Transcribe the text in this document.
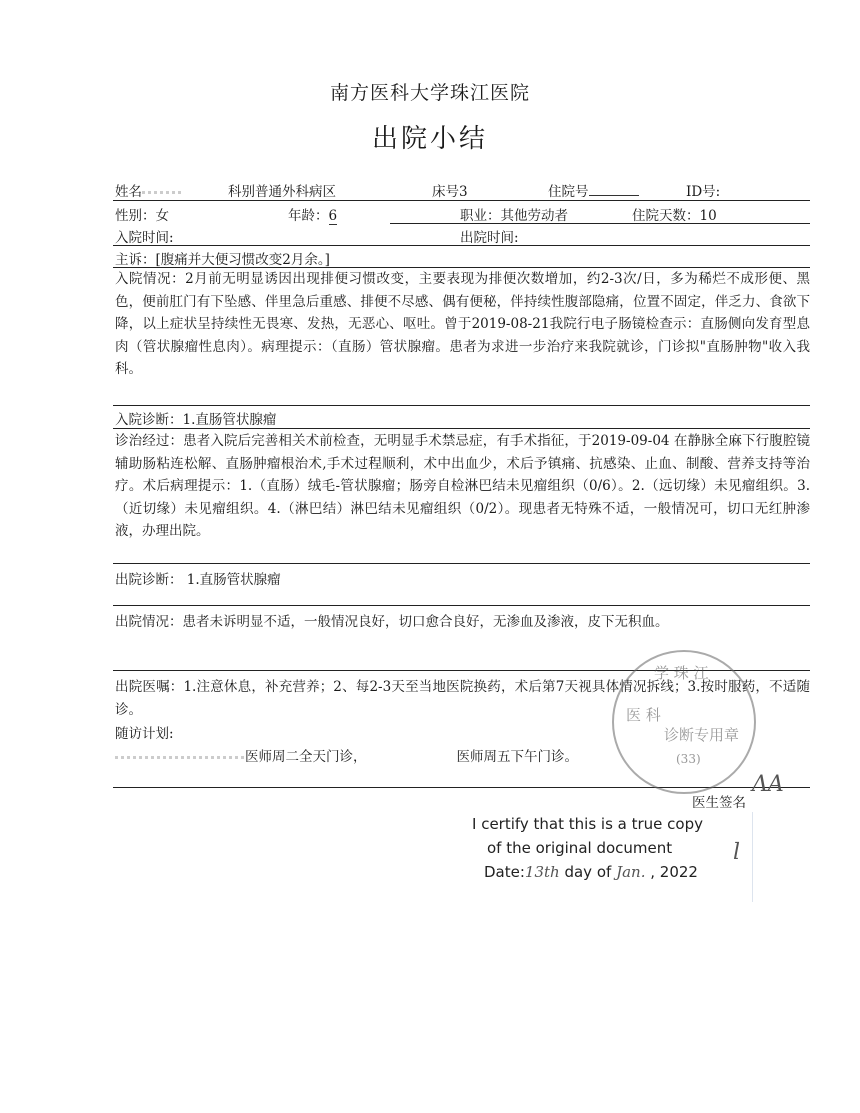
南方医科大学珠江医院
出院小结
姓名	科别普通外科病区	床号3	住院号	ID号:
性别：女	年龄：6	职业：其他劳动者	住院天数：10
入院时间:	出院时间:
主诉：[腹痛并大便习惯改变2月余。]
入院情况：2月前无明显诱因出现排便习惯改变，主要表现为排便次数增加，约2-3次/日，多为稀烂不成形便、黑色，便前肛门有下坠感、伴里急后重感、排便不尽感、偶有便秘，伴持续性腹部隐痛，位置不固定，伴乏力、食欲下降，以上症状呈持续性无畏寒、发热，无恶心、呕吐。曾于2019-08-21我院行电子肠镜检查示：直肠侧向发育型息肉（管状腺瘤性息肉）。病理提示：（直肠）管状腺瘤。患者为求进一步治疗来我院就诊，门诊拟"直肠肿物"收入我科。
入院诊断：1.直肠管状腺瘤
诊治经过：患者入院后完善相关术前检查，无明显手术禁忌症，有手术指征，于2019-09-04 在静脉全麻下行腹腔镜辅助肠粘连松解、直肠肿瘤根治术,手术过程顺利，术中出血少，术后予镇痛、抗感染、止血、制酸、营养支持等治疗。术后病理提示：1.（直肠）绒毛-管状腺瘤；肠旁自检淋巴结未见瘤组织（0/6）。2.（远切缘）未见瘤组织。3.（近切缘）未见瘤组织。4.（淋巴结）淋巴结未见瘤组织（0/2）。现患者无特殊不适，一般情况可，切口无红肿渗液，办理出院。
出院诊断： 1.直肠管状腺瘤
出院情况：患者未诉明显不适，一般情况良好，切口愈合良好，无渗血及渗液，皮下无积血。
出院医嘱：1.注意休息，补充营养；2、每2-3天至当地医院换药，术后第7天视具体情况拆线；3.按时服药，不适随诊。
随访计划:
医师周二全天门诊，	医师周五下午门诊。
医生签名
ɅA
学 珠 江
医 科
诊断专用章
(33)
I certify that this is a true copy
of the original document
Date:13th day of Jan. , 2022
l
